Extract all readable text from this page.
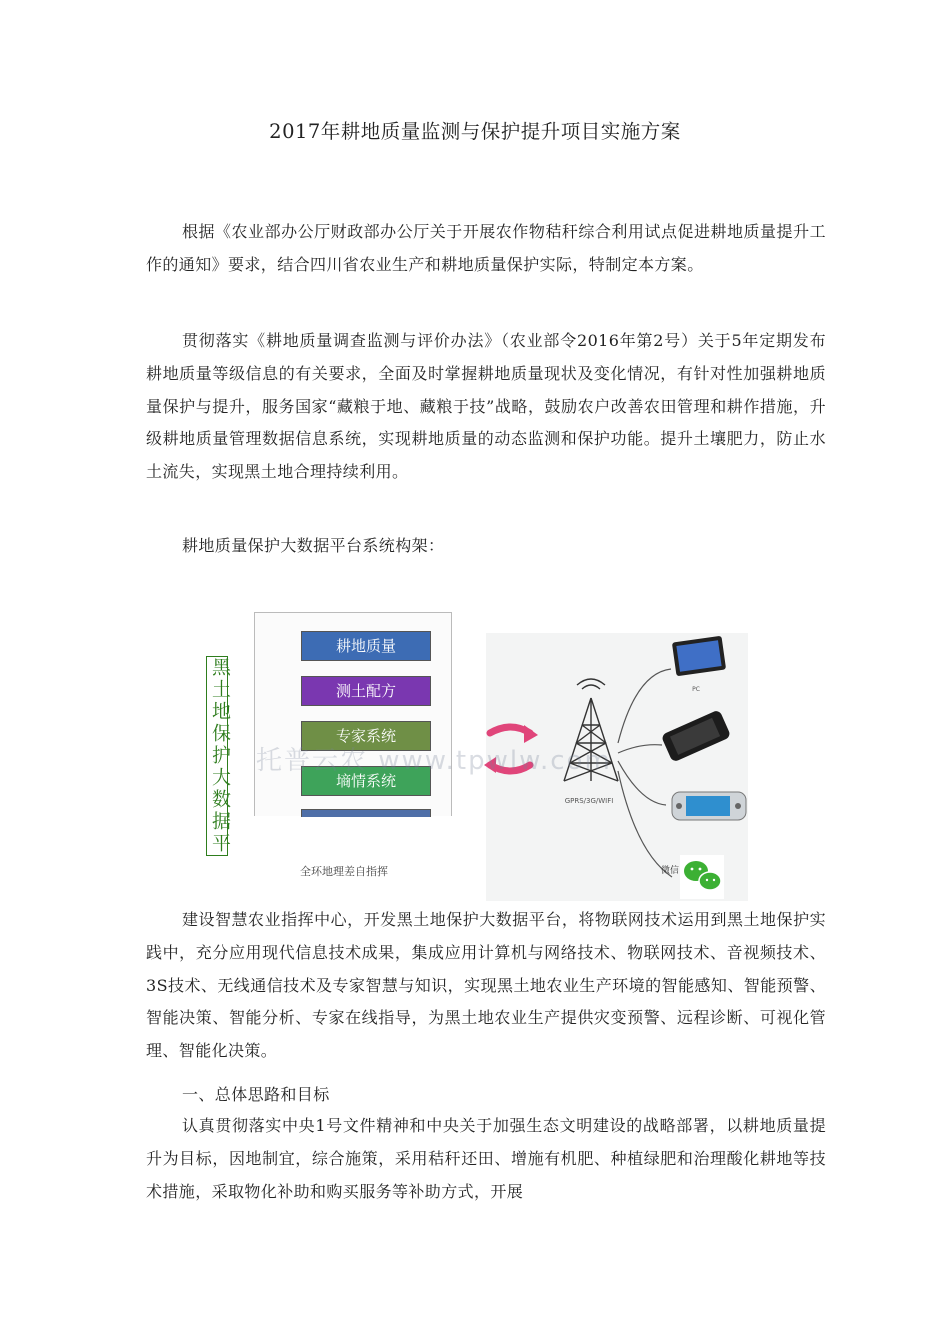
2017年耕地质量监测与保护提升项目实施方案

根据《农业部办公厅财政部办公厅关于开展农作物秸秆综合利用试点促进耕地质量提升工作的通知》要求，结合四川省农业生产和耕地质量保护实际，特制定本方案。

贯彻落实《耕地质量调查监测与评价办法》（农业部令2016年第2号）关于5年定期发布耕地质量等级信息的有关要求，全面及时掌握耕地质量现状及变化情况，有针对性加强耕地质量保护与提升，服务国家“藏粮于地、藏粮于技”战略，鼓励农户改善农田管理和耕作措施，升级耕地质量管理数据信息系统，实现耕地质量的动态监测和保护功能。提升土壤肥力，防止水土流失，实现黑土地合理持续利用。

耕地质量保护大数据平台系统构架：

黑土地保护大数据平
耕地质量
测土配方
专家系统
墒情系统
全环地理差自指挥
GPRS/3G/WIFI
PC
微信
托普云农 www.tpwlw.com

建设智慧农业指挥中心，开发黑土地保护大数据平台，将物联网技术运用到黑土地保护实践中，充分应用现代信息技术成果，集成应用计算机与网络技术、物联网技术、音视频技术、3S技术、无线通信技术及专家智慧与知识，实现黑土地农业生产环境的智能感知、智能预警、智能决策、智能分析、专家在线指导，为黑土地农业生产提供灾变预警、远程诊断、可视化管理、智能化决策。

一、总体思路和目标

认真贯彻落实中央1号文件精神和中央关于加强生态文明建设的战略部署，以耕地质量提升为目标，因地制宜，综合施策，采用秸秆还田、增施有机肥、种植绿肥和治理酸化耕地等技术措施，采取物化补助和购买服务等补助方式，开展
